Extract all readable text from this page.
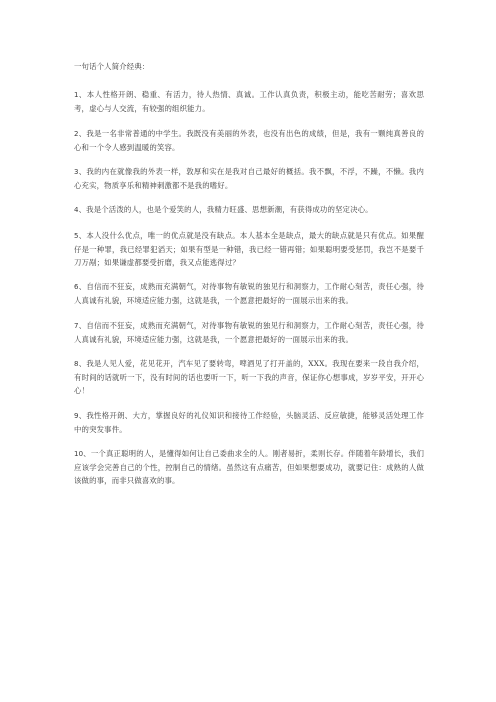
一句话个人简介经典：

1、本人性格开朗、稳重、有活力，待人热情、真诚。工作认真负责，积极主动，能吃苦耐劳；喜欢思考，虚心与人交流，有较强的组织能力。

2、我是一名非常普通的中学生。我既没有美丽的外表，也没有出色的成绩，但是，我有一颗纯真善良的心和一个令人感到温暖的笑容。

3、我的内在就像我的外表一样，敦厚和实在是我对自己最好的概括。我不飘，不浮，不躁，不懒。我内心充实，物质享乐和精神刺激都不是我的嗜好。

4、我是个活泼的人，也是个爱笑的人，我精力旺盛、思想新潮，有获得成功的坚定决心。

5、本人没什么优点，唯一的优点就是没有缺点。本人基本全是缺点，最大的缺点就是只有优点。如果醒仔是一种罪，我已经罪犯滔天；如果有型是一种错，我已经一错再错；如果聪明要受惩罚，我岂不是要千刀万剐；如果谦虚都要受折磨，我又点能逃得过？

6、自信而不狂妄，成熟而充满朝气，对待事物有敏锐的独见行和洞察力，工作耐心刻苦，责任心强，待人真诚有礼貌，环境适应能力强，这就是我，一个愿意把最好的一面展示出来的我。

7、自信而不狂妄，成熟而充满朝气，对待事物有敏锐的独见行和洞察力，工作耐心刻苦，责任心强，待人真诚有礼貌，环境适应能力强，这就是我，一个愿意把最好的一面展示出来的我。

8、我是人见人爱，花见花开，汽车见了要转弯，啤酒见了打开盖的，XXX。我现在要来一段自我介绍，有时间的话就听一下，没有时间的话也要听一下，听一下我的声音，保证你心想事成，岁岁平安，开开心心！

9、我性格开朗、大方，掌握良好的礼仪知识和接待工作经验，头脑灵活、反应敏捷，能够灵活处理工作中的突发事件。

10、一个真正聪明的人，是懂得如何让自己委曲求全的人。刚者易折，柔则长存。伴随着年龄增长，我们应该学会完善自己的个性，控制自己的情绪。虽然这有点痛苦，但如果想要成功，就要记住：成熟的人做该做的事，而非只做喜欢的事。
